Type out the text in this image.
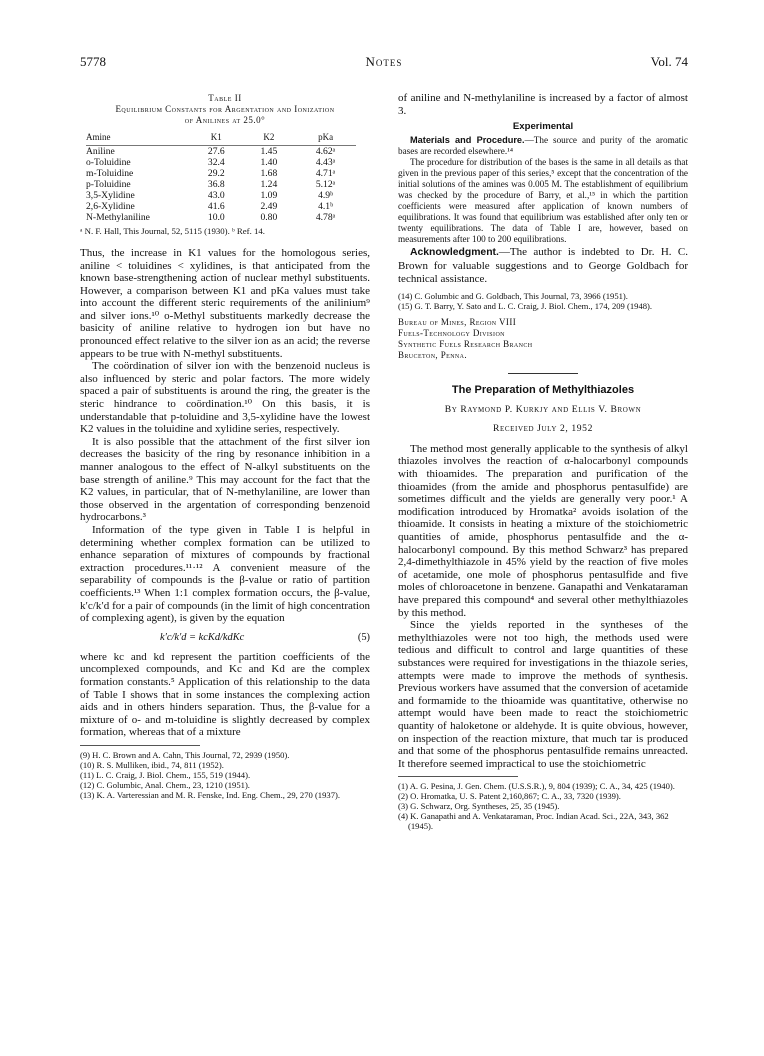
5778	Notes	Vol. 74
Table II
Equilibrium Constants for Argentation and Ionization
of Anilines at 25.0°
Amine	K1	K2	pKa
Aniline	27.6	1.45	4.62ᵃ
o-Toluidine	32.4	1.40	4.43ᵃ
m-Toluidine	29.2	1.68	4.71ᵃ
p-Toluidine	36.8	1.24	5.12ᵃ
3,5-Xylidine	43.0	1.09	4.9ᵇ
2,6-Xylidine	41.6	2.49	4.1ᵇ
N-Methylaniline	10.0	0.80	4.78ᵃ
ᵃ N. F. Hall, This Journal, 52, 5115 (1930). ᵇ Ref. 14.

Thus, the increase in K1 values for the homologous series, aniline < toluidines < xylidines, is that anticipated from the known base-strengthening action of nuclear methyl substituents. However, a comparison between K1 and pKa values must take into account the different steric requirements of the anilinium⁹ and silver ions.¹⁰ o-Methyl substituents markedly decrease the basicity of aniline relative to hydrogen ion but have no pronounced effect relative to the silver ion as an acid; the reverse appears to be true with N-methyl substituents.

The coördination of silver ion with the benzenoid nucleus is also influenced by steric and polar factors. The more widely spaced a pair of substituents is around the ring, the greater is the steric hindrance to coördination.¹⁰ On this basis, it is understandable that p-toluidine and 3,5-xylidine have the lowest K2 values in the toluidine and xylidine series, respectively.

It is also possible that the attachment of the first silver ion decreases the basicity of the ring by resonance inhibition in a manner analogous to the effect of N-alkyl substituents on the base strength of aniline.⁹ This may account for the fact that the K2 values, in particular, that of N-methylaniline, are lower than those observed in the argentation of corresponding benzenoid hydrocarbons.³

Information of the type given in Table I is helpful in determining whether complex formation can be utilized to enhance separation of mixtures of compounds by fractional extraction procedures.¹¹·¹² A convenient measure of the separability of compounds is the β-value or ratio of partition coefficients.¹³ When 1:1 complex formation occurs, the β-value, k′c/k′d for a pair of compounds (in the limit of high concentration of complexing agent), is given by the equation

k′c/k′d = kcKd/kdKc	(5)

where kc and kd represent the partition coefficients of the uncomplexed compounds, and Kc and Kd are the complex formation constants.⁵ Application of this relationship to the data of Table I shows that in some instances the complexing action aids and in others hinders separation. Thus, the β-value for a mixture of o- and m-toluidine is slightly decreased by complex formation, whereas that of a mixture

(9) H. C. Brown and A. Cahn, This Journal, 72, 2939 (1950).

(10) R. S. Mulliken, ibid., 74, 811 (1952).

(11) L. C. Craig, J. Biol. Chem., 155, 519 (1944).

(12) C. Golumbic, Anal. Chem., 23, 1210 (1951).

(13) K. A. Varteressian and M. R. Fenske, Ind. Eng. Chem., 29, 270 (1937).

of aniline and N-methylaniline is increased by a factor of almost 3.

Experimental

Materials and Procedure.—The source and purity of the aromatic bases are recorded elsewhere.¹⁴

The procedure for distribution of the bases is the same in all details as that given in the previous paper of this series,⁵ except that the concentration of the initial solutions of the amines was 0.005 M. The establishment of equilibrium was checked by the procedure of Barry, et al.,¹⁵ in which the partition coefficients were measured after application of known numbers of equilibrations. It was found that equilibrium was established after only ten or twenty equilibrations. The data of Table I are, however, based on measurements after 100 to 200 equilibrations.

Acknowledgment.—The author is indebted to Dr. H. C. Brown for valuable suggestions and to George Goldbach for technical assistance.

(14) C. Golumbic and G. Goldbach, This Journal, 73, 3966 (1951).

(15) G. T. Barry, Y. Sato and L. C. Craig, J. Biol. Chem., 174, 209 (1948).

Bureau of Mines, Region VIII
Fuels-Technology Division
Synthetic Fuels Research Branch
Bruceton, Penna.
The Preparation of Methylthiazoles
By Raymond P. Kurkjy and Ellis V. Brown
Received July 2, 1952

The method most generally applicable to the synthesis of alkyl thiazoles involves the reaction of α-halocarbonyl compounds with thioamides. The preparation and purification of the thioamides (from the amide and phosphorus pentasulfide) are sometimes difficult and the yields are generally very poor.¹ A modification introduced by Hromatka² avoids isolation of the thioamide. It consists in heating a mixture of the stoichiometric quantities of amide, phosphorus pentasulfide and the α-halocarbonyl compound. By this method Schwarz³ has prepared 2,4-dimethylthiazole in 45% yield by the reaction of five moles of acetamide, one mole of phosphorus pentasulfide and five moles of chloroacetone in benzene. Ganapathi and Venkataraman have prepared this compound⁴ and several other methylthiazoles by this method.

Since the yields reported in the syntheses of the methylthiazoles were not too high, the methods used were tedious and difficult to control and large quantities of these substances were required for investigations in the thiazole series, attempts were made to improve the methods of synthesis. Previous workers have assumed that the conversion of acetamide and formamide to the thioamide was quantitative, otherwise no attempt would have been made to react the stoichiometric quantity of haloketone or aldehyde. It is quite obvious, however, on inspection of the reaction mixture, that much tar is produced and that some of the phosphorus pentasulfide remains unreacted. It therefore seemed impractical to use the stoichiometric

(1) A. G. Pesina, J. Gen. Chem. (U.S.S.R.), 9, 804 (1939); C. A., 34, 425 (1940).

(2) O. Hromatka, U. S. Patent 2,160,867; C. A., 33, 7320 (1939).

(3) G. Schwarz, Org. Syntheses, 25, 35 (1945).

(4) K. Ganapathi and A. Venkataraman, Proc. Indian Acad. Sci., 22A, 343, 362 (1945).
